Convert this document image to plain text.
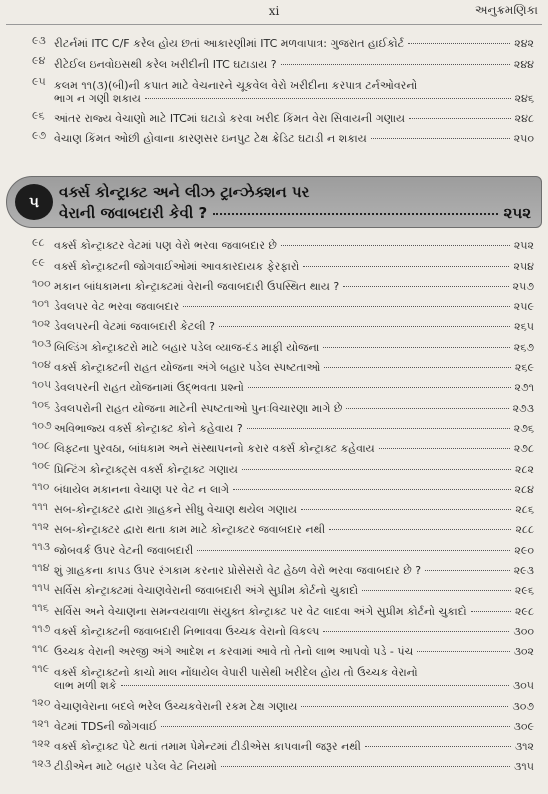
xi	અનુક્રમણિકા
૯૩ રીટર્નમાં ITC C/F કરેલ હોય છતાં આકારણીમાં ITC મળવાપાત્ર: ગુજરાત હાઈકોર્ટ	૨૪૨
૯૪ રીટેઈલ ઇનવોઇસથી કરેલ ખરીદીની ITC ઘટાડાય ?	૨૪૪
૯૫ કલમ ૧૧(૩)(બી)ની કપાત માટે વેચનારને ચૂકવેલ વેરો ખરીદીના કરપાત્ર ટર્નઓવરનો
ભાગ ન ગણી શકાય	૨૪૬
૯૬ આંતર રાજ્ય વેચાણો માટે ITCમાં ઘટાડો કરવા ખરીદ કિંમત વેરા સિવાયની ગણાય	૨૪૮
૯૭ વેચાણ કિંમત ઓછી હોવાના કારણસર ઇનપુટ ટેક્ષ ક્રેડિટ ઘટાડી ન શકાય	૨૫૦
૫
વર્ક્સ કોન્ટ્રાક્ટ અને લીઝ ટ્રાન્ઝેક્શન પર
વેરાની જવાબદારી કેવી ?	૨૫૨
૯૮ વર્ક્સ કોન્ટ્રાક્ટર વેટમાં પણ વેરો ભરવા જવાબદાર છે	૨૫૨
૯૯ વર્ક્સ કોન્ટ્રાક્ટની જોગવાઈઓમાં આવકારદાયક ફેરફારો	૨૫૪
૧૦૦ મકાન બાંધકામના કોન્ટ્રાક્ટમાં વેરાની જવાબદારી ઉપસ્થિત થાય ?	૨૫૭
૧૦૧ ડેવલપર વેટ ભરવા જવાબદાર	૨૫૯
૧૦૨ ડેવલપરની વેટમાં જવાબદારી કેટલી ?	૨૬૫
૧૦૩ બિલ્ડિંગ કોન્ટ્રાક્ટરો માટે બહાર પડેલ વ્યાજ-દંડ માફી યોજના	૨૬૭
૧૦૪ વર્ક્સ કોન્ટ્રાક્ટની રાહત યોજના અંગે બહાર પડેલ સ્પષ્ટતાઓ	૨૬૯
૧૦૫ ડેવલપરની રાહત યોજનામાં ઉદ્‌ભવતા પ્રશ્નો	૨૭૧
૧૦૬ ડેવલપરોની રાહત યોજના માટેની સ્પષ્ટતાઓ પુનઃવિચારણા માગે છે	૨૭૩
૧૦૭ અવિભાજ્ય વર્ક્સ કોન્ટ્રાક્ટ કોને કહેવાય ?	૨૭૬
૧૦૮ લિફ્ટના પુરવઠા, બાંધકામ અને સંસ્થાપનનો કરાર વર્ક્સ કોન્ટ્રાક્ટ કહેવાય	૨૭૮
૧૦૯ પ્રિન્ટિંગ કોન્ટ્રાક્ટ્સ વર્ક્સ કોન્ટ્રાક્ટ ગણાય	૨૮૨
૧૧૦ બંધાયેલ મકાનના વેચાણ પર વેટ ન લાગે	૨૮૪
૧૧૧ સબ-કોન્ટ્રાક્ટર દ્વારા ગ્રાહકને સીધુ વેચાણ થયેલ ગણાય	૨૮૬
૧૧૨ સબ-કોન્ટ્રાક્ટર દ્વારા થતા કામ માટે કોન્ટ્રાક્ટર જવાબદાર નથી	૨૮૮
૧૧૩ જોબવર્ક ઉપર વેટની જવાબદારી	૨૯૦
૧૧૪ શું ગ્રાહકના કાપડ ઉપર રંગકામ કરનાર પ્રોસેસરો વેટ હેઠળ વેરો ભરવા જવાબદાર છે ?	૨૯૩
૧૧૫ સર્વિસ કોન્ટ્રાક્ટમાં વેચાણવેરાની જવાબદારી અંગે સુપ્રીમ કોર્ટનો ચુકાદો	૨૯૬
૧૧૬ સર્વિસ અને વેચાણના સમન્વયવાળા સંયુક્ત કોન્ટ્રાક્ટ પર વેટ લાદવા અંગે સુપ્રીમ કોર્ટનો ચુકાદો	૨૯૮
૧૧૭ વર્ક્સ કોન્ટ્રાક્ટની જવાબદારી નિભાવવા ઉચ્ચક વેરાનો વિકલ્પ	૩૦૦
૧૧૮ ઉચ્ચક વેરાની અરજી અંગે આદેશ ન કરવામાં આવે તો તેનો લાભ આપવો પડે - પંચ	૩૦૨
૧૧૯ વર્ક્સ કોન્ટ્રાક્ટનો કાચો માલ નોંધાયેલ વેપારી પાસેથી ખરીદેલ હોય તો ઉચ્ચક વેરાનો
લાભ મળી શકે	૩૦૫
૧૨૦ વેચાણવેરાના બદલે ભરેલ ઉચ્ચકવેરાની રકમ ટેક્ષ ગણાય	૩૦૭
૧૨૧ વેટમાં TDSની જોગવાઈ	૩૦૯
૧૨૨ વર્ક્સ કોન્ટ્રાક્ટ પેટે થતાં તમામ પેમેન્ટમાં ટીડીએસ કાપવાની જરૂર નથી	૩૧૨
૧૨૩ ટીડીએન માટે બહાર પડેલ વેટ નિયમો	૩૧૫
